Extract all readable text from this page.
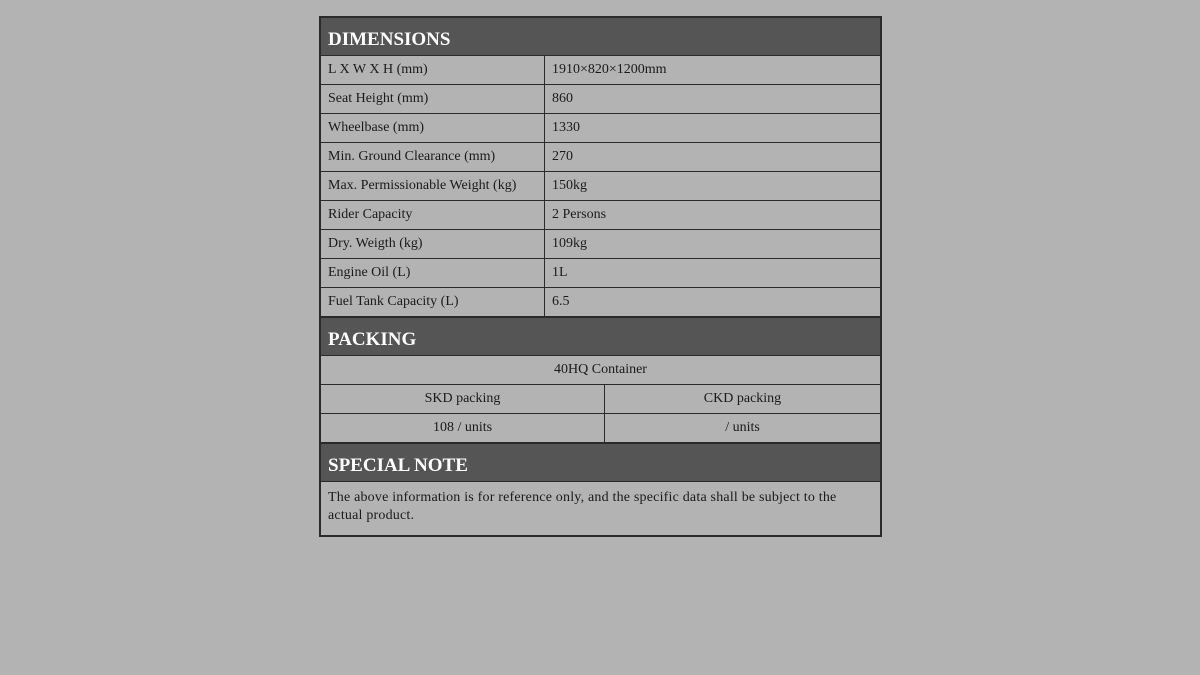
DIMENSIONS	
L X W X H (mm)	1910×820×1200mm
Seat Height (mm)	860
Wheelbase (mm)	1330
Min. Ground Clearance (mm)	270
Max. Permissionable Weight (kg)	150kg
Rider Capacity	2 Persons
Dry. Weigth (kg)	109kg
Engine Oil (L)	1L
Fuel Tank Capacity (L)	6.5
PACKING	
40HQ Container	
SKD packing	CKD packing
108 / units	/ units
SPECIAL NOTE
The above information is for reference only, and the specific data shall be subject to the actual product.
